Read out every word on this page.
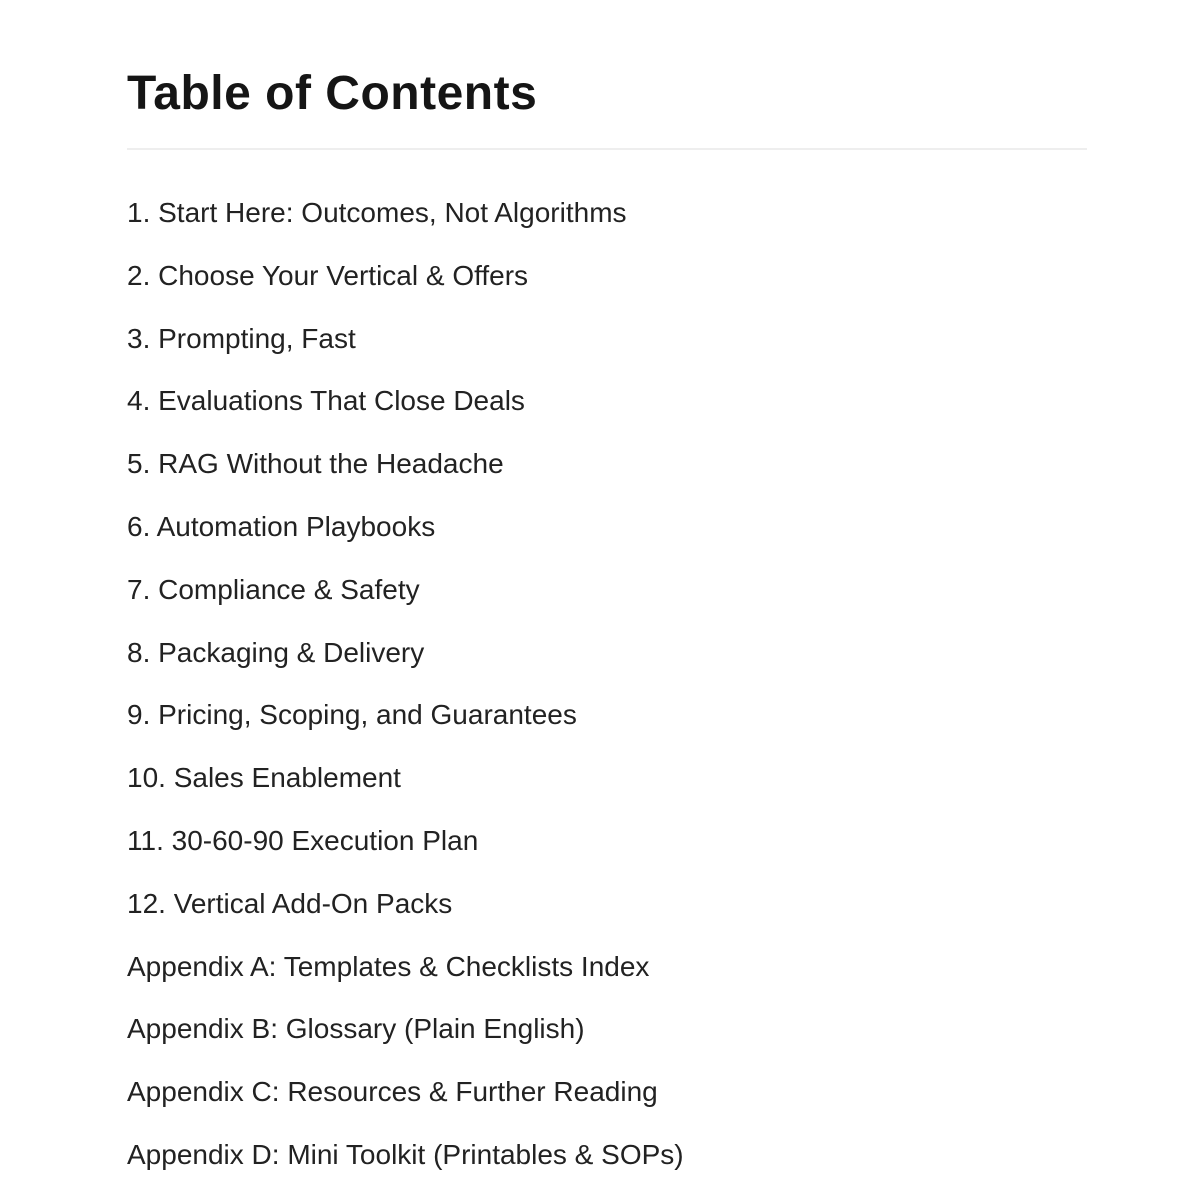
Table of Contents
1. Start Here: Outcomes, Not Algorithms
2. Choose Your Vertical & Offers
3. Prompting, Fast
4. Evaluations That Close Deals
5. RAG Without the Headache
6. Automation Playbooks
7. Compliance & Safety
8. Packaging & Delivery
9. Pricing, Scoping, and Guarantees
10. Sales Enablement
11. 30-60-90 Execution Plan
12. Vertical Add-On Packs
Appendix A: Templates & Checklists Index
Appendix B: Glossary (Plain English)
Appendix C: Resources & Further Reading
Appendix D: Mini Toolkit (Printables & SOPs)
